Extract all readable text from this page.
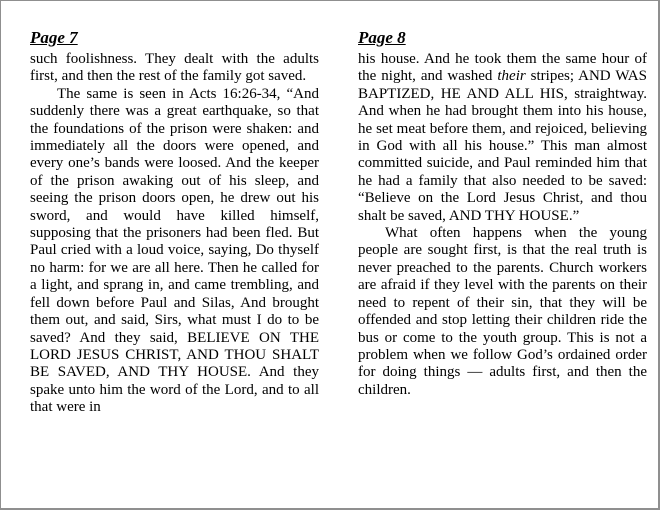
Page 7

such foolishness. They dealt with the adults first, and then the rest of the family got saved.

The same is seen in Acts 16:26-34, “And suddenly there was a great earthquake, so that the foundations of the prison were shaken: and immediately all the doors were opened, and every one’s bands were loosed. And the keeper of the prison awaking out of his sleep, and seeing the prison doors open, he drew out his sword, and would have killed himself, supposing that the prisoners had been fled. But Paul cried with a loud voice, saying, Do thyself no harm: for we are all here. Then he called for a light, and sprang in, and came trembling, and fell down before Paul and Silas, And brought them out, and said, Sirs, what must I do to be saved? And they said, BELIEVE ON THE LORD JESUS CHRIST, AND THOU SHALT BE SAVED, AND THY HOUSE. And they spake unto him the word of the Lord, and to all that were in

Page 8

his house. And he took them the same hour of the night, and washed their stripes; AND WAS BAPTIZED, HE AND ALL HIS, straightway. And when he had brought them into his house, he set meat before them, and rejoiced, believing in God with all his house.” This man almost committed suicide, and Paul reminded him that he had a family that also needed to be saved: “Believe on the Lord Jesus Christ, and thou shalt be saved, AND THY HOUSE.”

What often happens when the young people are sought first, is that the real truth is never preached to the parents. Church workers are afraid if they level with the parents on their need to repent of their sin, that they will be offended and stop letting their children ride the bus or come to the youth group. This is not a problem when we follow God’s ordained order for doing things — adults first, and then the children.
